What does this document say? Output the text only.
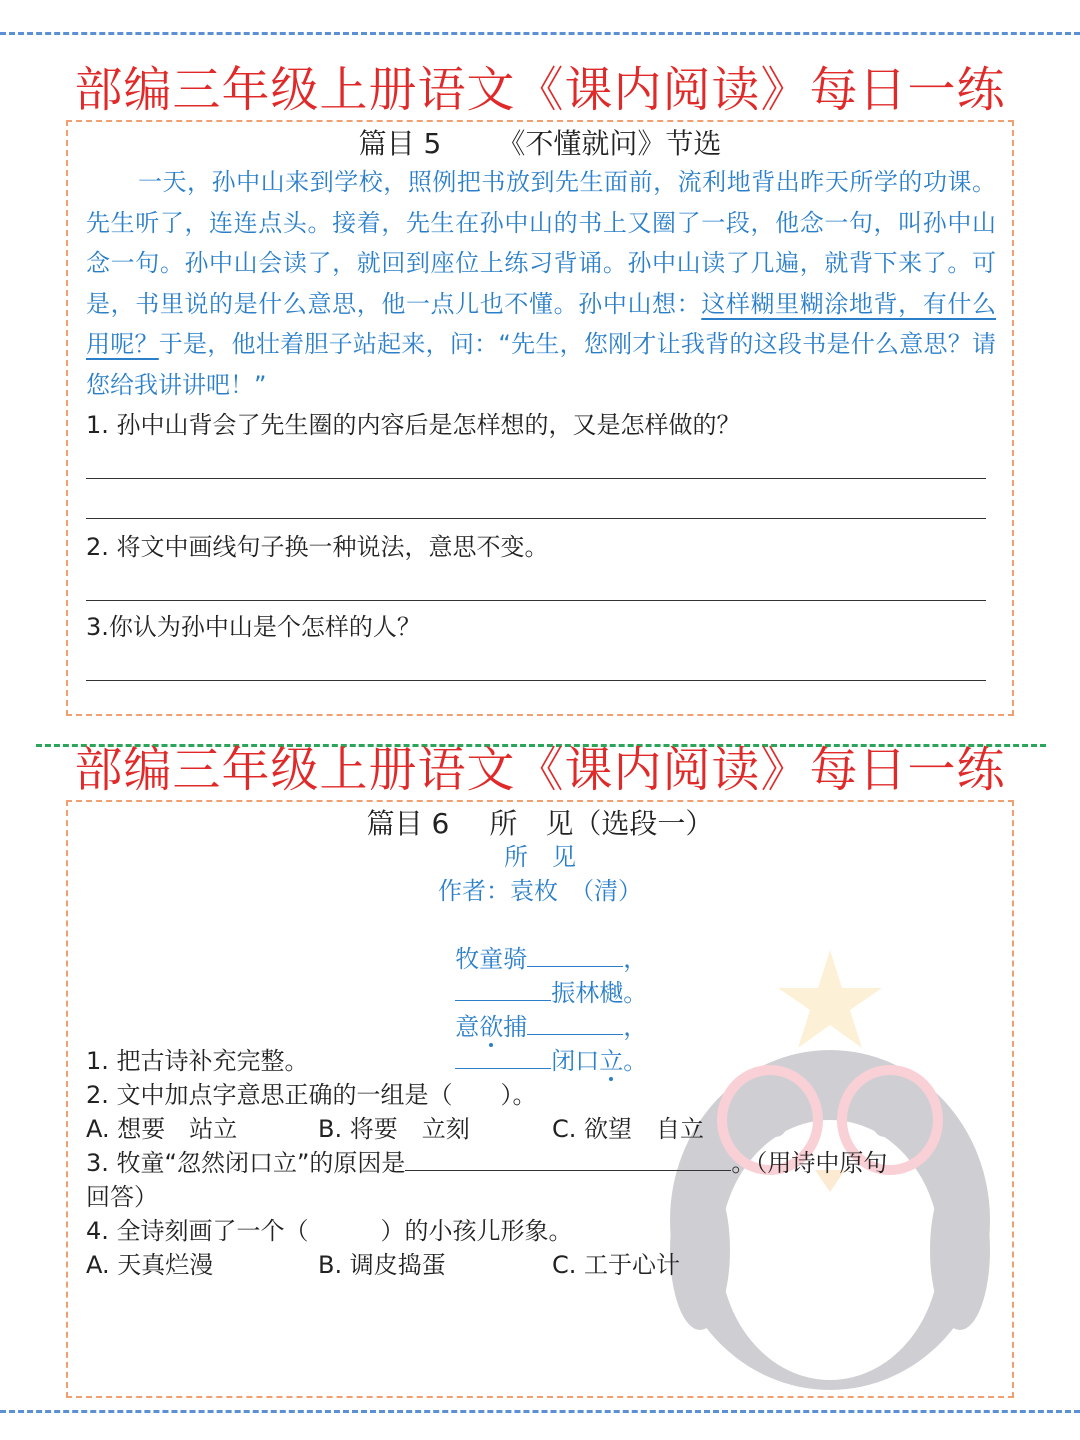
部编三年级上册语文《课内阅读》每日一练
篇目 5 《不懂就问》节选
一天，孙中山来到学校，照例把书放到先生面前，流利地背出昨天所学的功课。先生听了，连连点头。接着，先生在孙中山的书上又圈了一段，他念一句，叫孙中山念一句。孙中山会读了，就回到座位上练习背诵。孙中山读了几遍，就背下来了。可是，书里说的是什么意思，他一点儿也不懂。孙中山想：这样糊里糊涂地背，有什么用呢？于是，他壮着胆子站起来，问：“先生，您刚才让我背的这段书是什么意思？请您给我讲讲吧！”
1. 孙中山背会了先生圈的内容后是怎样想的，又是怎样做的？
2. 将文中画线句子换一种说法，意思不变。
3.你认为孙中山是个怎样的人？
部编三年级上册语文《课内阅读》每日一练
篇目 6 所　见（选段一）
所　见
作者：袁枚　（清）

牧童骑	，

振林樾。

意欲捕	，

闭口立。

1. 把古诗补充完整。
2. 文中加点字意思正确的一组是（　　）。
A. 想要　站立	B. 将要　立刻	C. 欲望　自立
3. 牧童“忽然闭口立”的原因是	。（用诗中原句
回答）
4. 全诗刻画了一个（　　　）的小孩儿形象。
A. 天真烂漫	B. 调皮捣蛋	C. 工于心计
